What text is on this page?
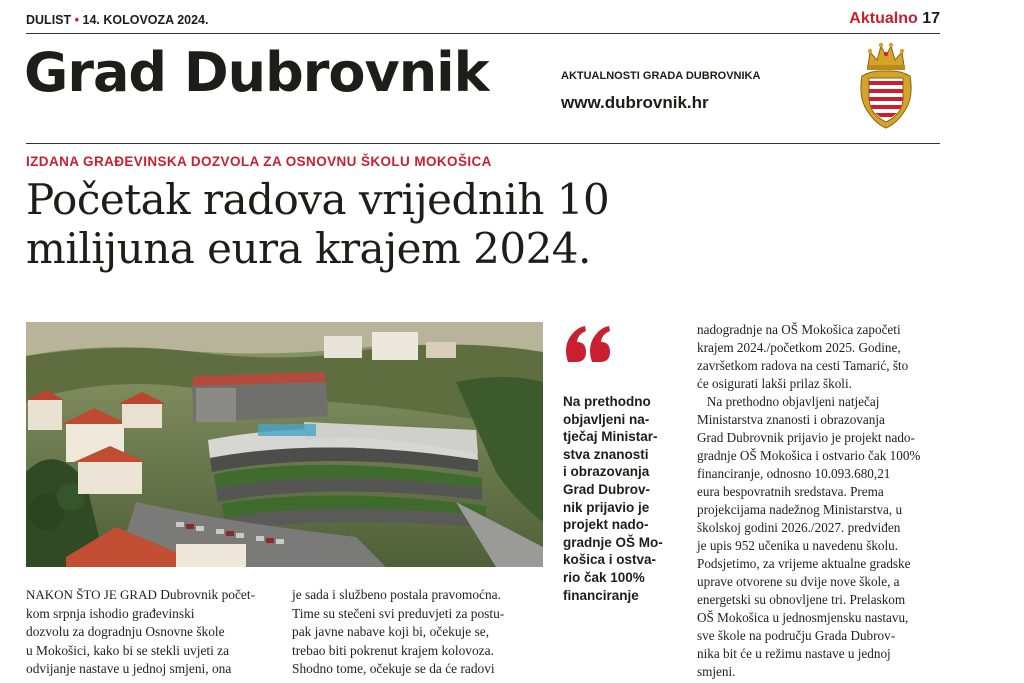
DULIST • 14. KOLOVOZA 2024.	Aktualno 17
Grad Dubrovnik	AKTUALNOSTI GRADA DUBROVNIKA
www.dubrovnik.hr
IZDANA GRAĐEVINSKA DOZVOLA ZA OSNOVNU ŠKOLU MOKOŠICA
Početak radova vrijednih 10
milijuna eura krajem 2024.

NAKON ŠTO JE GRAD Dubrovnik počet-

kom srpnja ishodio građevinski

dozvolu za dogradnju Osnovne škole

u Mokošici, kako bi se stekli uvjeti za

odvijanje nastave u jednoj smjeni, ona

je sada i službeno postala pravomoćna.

Time su stečeni svi preduvjeti za postu-

pak javne nabave koji bi, očekuje se,

trebao biti pokrenut krajem kolovoza.

Shodno tome, očekuje se da će radovi

Na prethodno
objavljeni na-
tječaj Ministar-
stva znanosti
i obrazovanja
Grad Dubrov-
nik prijavio je
projekt nado-
gradnje OŠ Mo-
košica i ostva-
rio čak 100%
financiranje

nadogradnje na OŠ Mokošica započeti

krajem 2024./početkom 2025. Godine,

završetkom radova na cesti Tamarić, što

će osigurati lakši prilaz školi.

Na prethodno objavljeni natječaj

Ministarstva znanosti i obrazovanja

Grad Dubrovnik prijavio je projekt nado-

gradnje OŠ Mokošica i ostvario čak 100%

financiranje, odnosno 10.093.680,21

eura bespovratnih sredstava. Prema

projekcijama nadežnog Ministarstva, u

školskoj godini 2026./2027. predviđen

je upis 952 učenika u navedenu školu.

Podsjetimo, za vrijeme aktualne gradske

uprave otvorene su dvije nove škole, a

energetski su obnovljene tri. Prelaskom

OŠ Mokošica u jednosmjensku nastavu,

sve škole na području Grada Dubrov-

nika bit će u režimu nastave u jednoj

smjeni.
